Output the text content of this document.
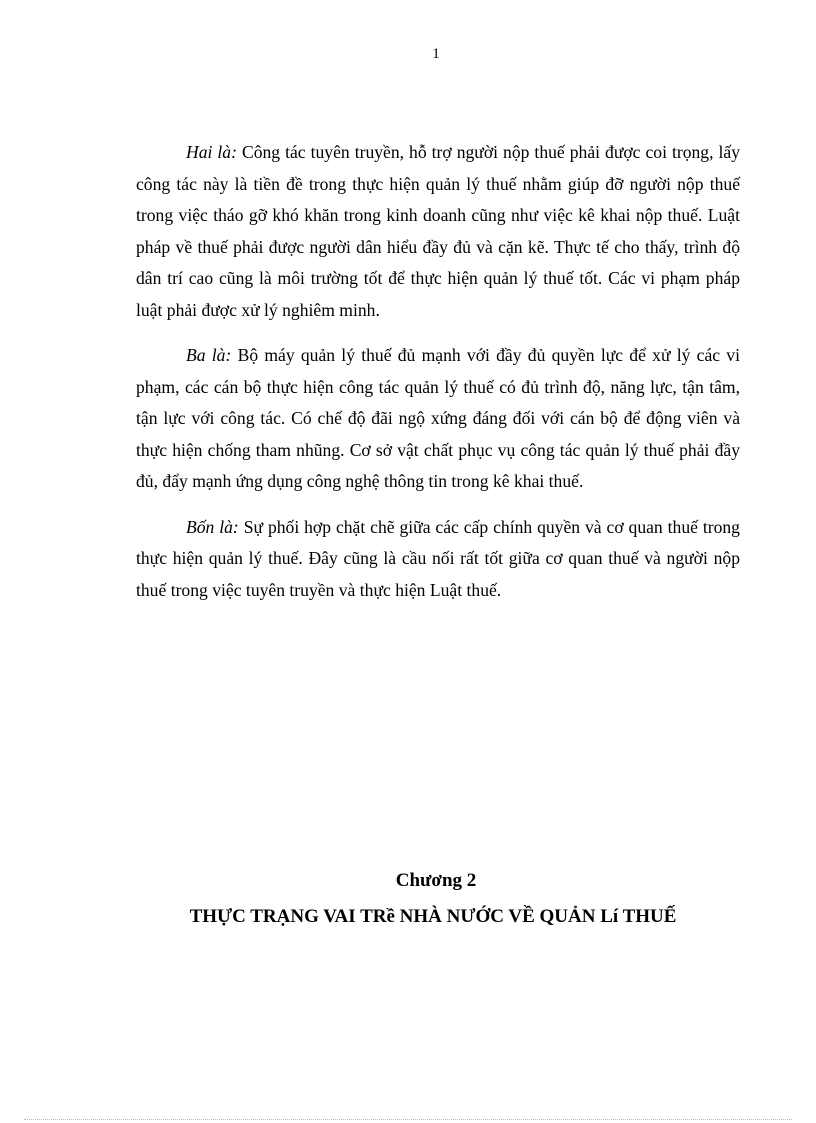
1

Hai là: Công tác tuyên truyền, hỗ trợ người nộp thuế phải được coi trọng, lấy công tác này là tiền đề trong thực hiện quản lý thuế nhằm giúp đỡ người nộp thuế trong việc tháo gỡ khó khăn trong kinh doanh cũng như việc kê khai nộp thuế. Luật pháp về thuế phải được người dân hiểu đầy đủ và cặn kẽ. Thực tế cho thấy, trình độ dân trí cao cũng là môi trường tốt để thực hiện quản lý thuế tốt. Các vi phạm pháp luật phải được xử lý nghiêm minh.

Ba là: Bộ máy quản lý thuế đủ mạnh với đầy đủ quyền lực để xử lý các vi phạm, các cán bộ thực hiện công tác quản lý thuế có đủ trình độ, năng lực, tận tâm, tận lực với công tác. Có chế độ đãi ngộ xứng đáng đối với cán bộ để động viên và thực hiện chống tham nhũng. Cơ sở vật chất phục vụ công tác quản lý thuế phải đầy đủ, đẩy mạnh ứng dụng công nghệ thông tin trong kê khai thuế.

Bốn là: Sự phối hợp chặt chẽ giữa các cấp chính quyền và cơ quan thuế trong thực hiện quản lý thuế. Đây cũng là cầu nối rất tốt giữa cơ quan thuế và người nộp thuế trong việc tuyên truyền và thực hiện Luật thuế.

Chương 2
THỰC TRẠNG VAI TRề NHÀ NƯỚC VỀ QUẢN Lí THUẾ
